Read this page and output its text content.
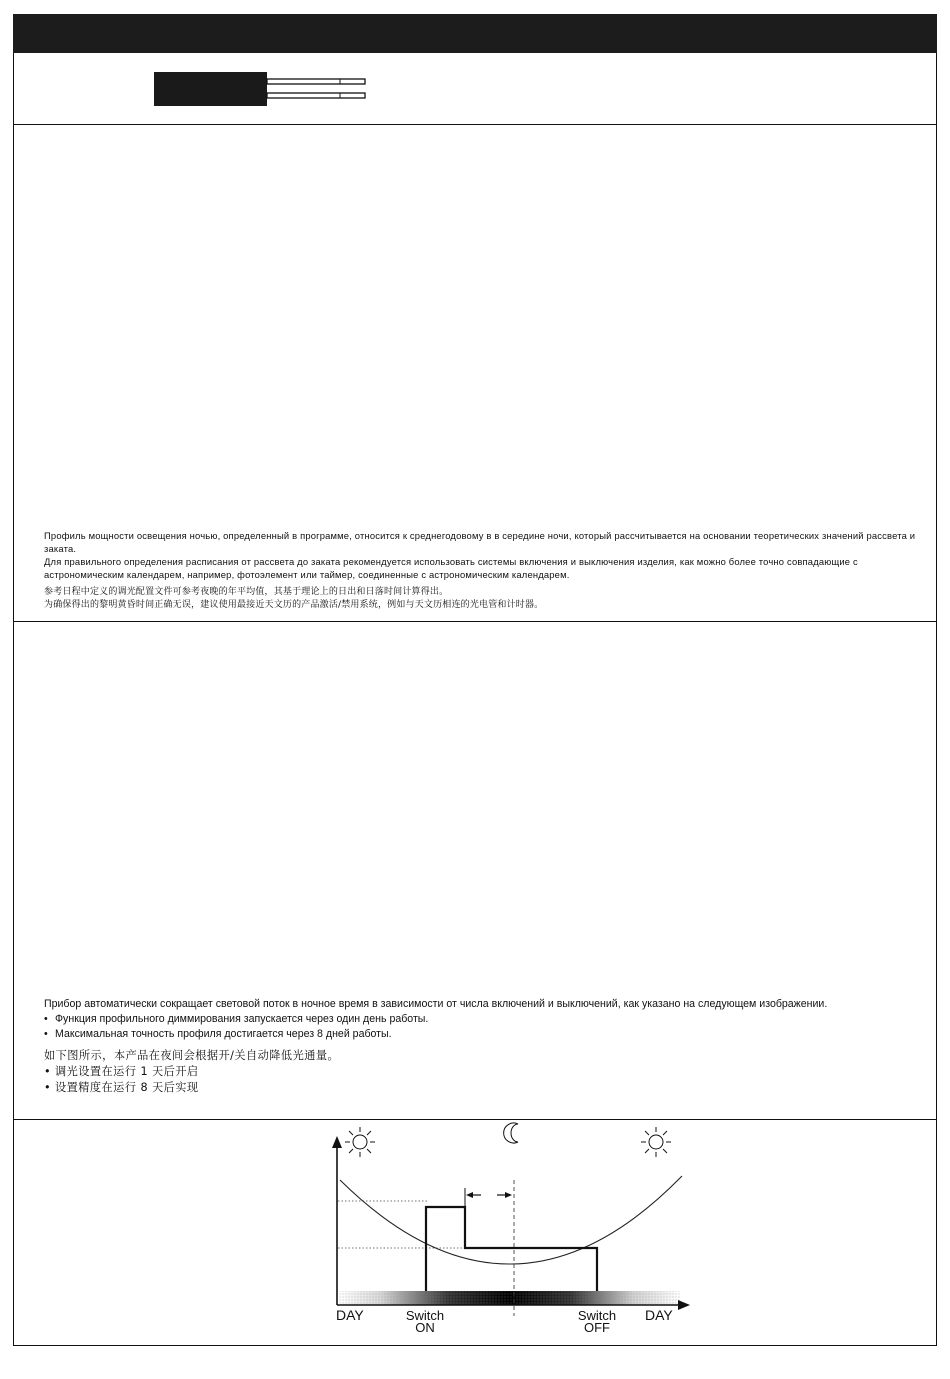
Профиль мощности освещения ночью, определенный в программе, относится к среднегодовому в в середине ночи, который рассчитывается на основании теоретических значений рассвета и заката.

Для правильного определения расписания от рассвета до заката рекомендуется использовать системы включения и выключения изделия, как можно более точно совпадающие с астрономическим календарем, например, фотоэлемент или таймер, соединенные с астрономическим календарем.

参考日程中定义的调光配置文件可参考夜晚的年平均值，其基于理论上的日出和日落时间计算得出。

为确保得出的黎明黄昏时间正确无误，建议使用最接近天文历的产品激活/禁用系统，例如与天文历相连的光电管和计时器。

Прибор автоматически сокращает световой поток в ночное время в зависимости от числа включений и выключений, как указано на следующем изображении.

• Функция профильного диммирования запускается через один день работы.

• Максимальная точность профиля достигается через 8 дней работы.

如下图所示，本产品在夜间会根据开/关自动降低光通量。

• 调光设置在运行 1 天后开启

• 设置精度在运行 8 天后实现

DAY	Switch
ON
Switch
OFF
DAY
